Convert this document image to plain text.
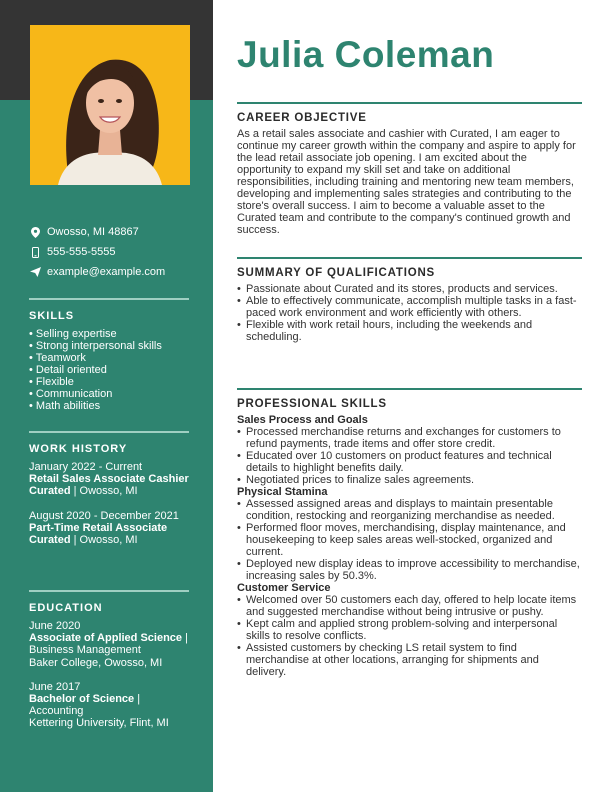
Owosso, MI 48867
555-555-5555
example@example.com
SKILLS
• Selling expertise
• Strong interpersonal skills
• Teamwork
• Detail oriented
• Flexible
• Communication
• Math abilities
WORK HISTORY
January 2022 - Current
Retail Sales Associate Cashier Curated | Owosso, MI
August 2020 - December 2021
Part-Time Retail Associate Curated | Owosso, MI
EDUCATION
June 2020
Associate of Applied Science | Business Management
Baker College, Owosso, MI
June 2017
Bachelor of Science | Accounting
Kettering University, Flint, MI
Julia Coleman
CAREER OBJECTIVE

As a retail sales associate and cashier with Curated, I am eager to continue my career growth within the company and aspire to apply for the lead retail associate job opening. I am excited about the opportunity to expand my skill set and take on additional responsibilities, including training and mentoring new team members, developing and implementing sales strategies and contributing to the store's overall success. I aim to become a valuable asset to the Curated team and contribute to the company's continued growth and success.

SUMMARY OF QUALIFICATIONS
• Passionate about Curated and its stores, products and services.
• Able to effectively communicate, accomplish multiple tasks in a fast-paced work environment and work efficiently with others.
• Flexible with work retail hours, including the weekends and scheduling.
PROFESSIONAL SKILLS
Sales Process and Goals
• Processed merchandise returns and exchanges for customers to refund payments, trade items and offer store credit.
• Educated over 10 customers on product features and technical details to highlight benefits daily.
• Negotiated prices to finalize sales agreements.
Physical Stamina
• Assessed assigned areas and displays to maintain presentable condition, restocking and reorganizing merchandise as needed.
• Performed floor moves, merchandising, display maintenance, and housekeeping to keep sales areas well-stocked, organized and current.
• Deployed new display ideas to improve accessibility to merchandise, increasing sales by 50.3%.
Customer Service
• Welcomed over 50 customers each day, offered to help locate items and suggested merchandise without being intrusive or pushy.
• Kept calm and applied strong problem-solving and interpersonal skills to resolve conflicts.
• Assisted customers by checking LS retail system to find merchandise at other locations, arranging for shipments and delivery.
